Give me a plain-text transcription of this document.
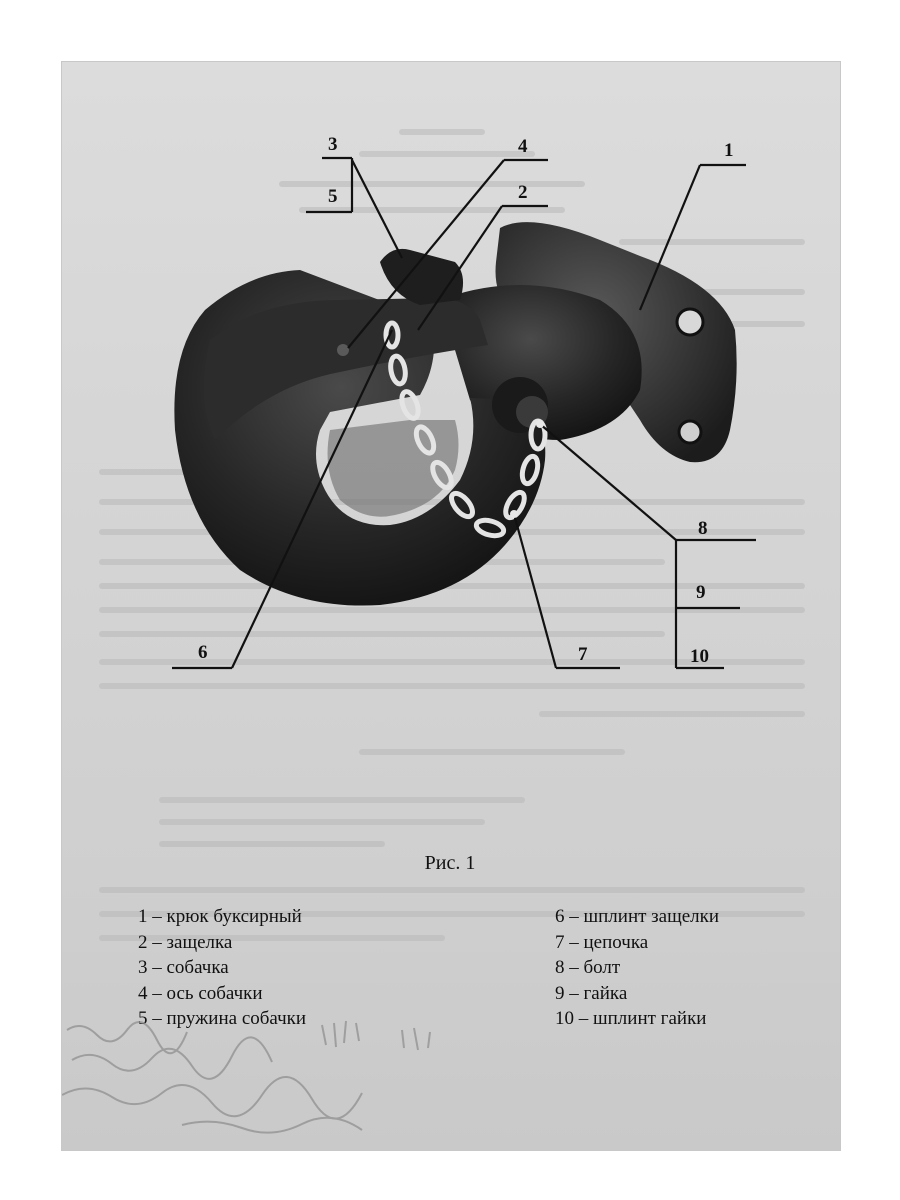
3
5
4
2
1
8
9
10
6	7
Рис. 1
1 – крюк буксирный
2 – защелка
3 – собачка
4 – ось собачки
5 – пружина собачки
6 – шплинт защелки
7 – цепочка
8 – болт
9 – гайка
10 – шплинт гайки
